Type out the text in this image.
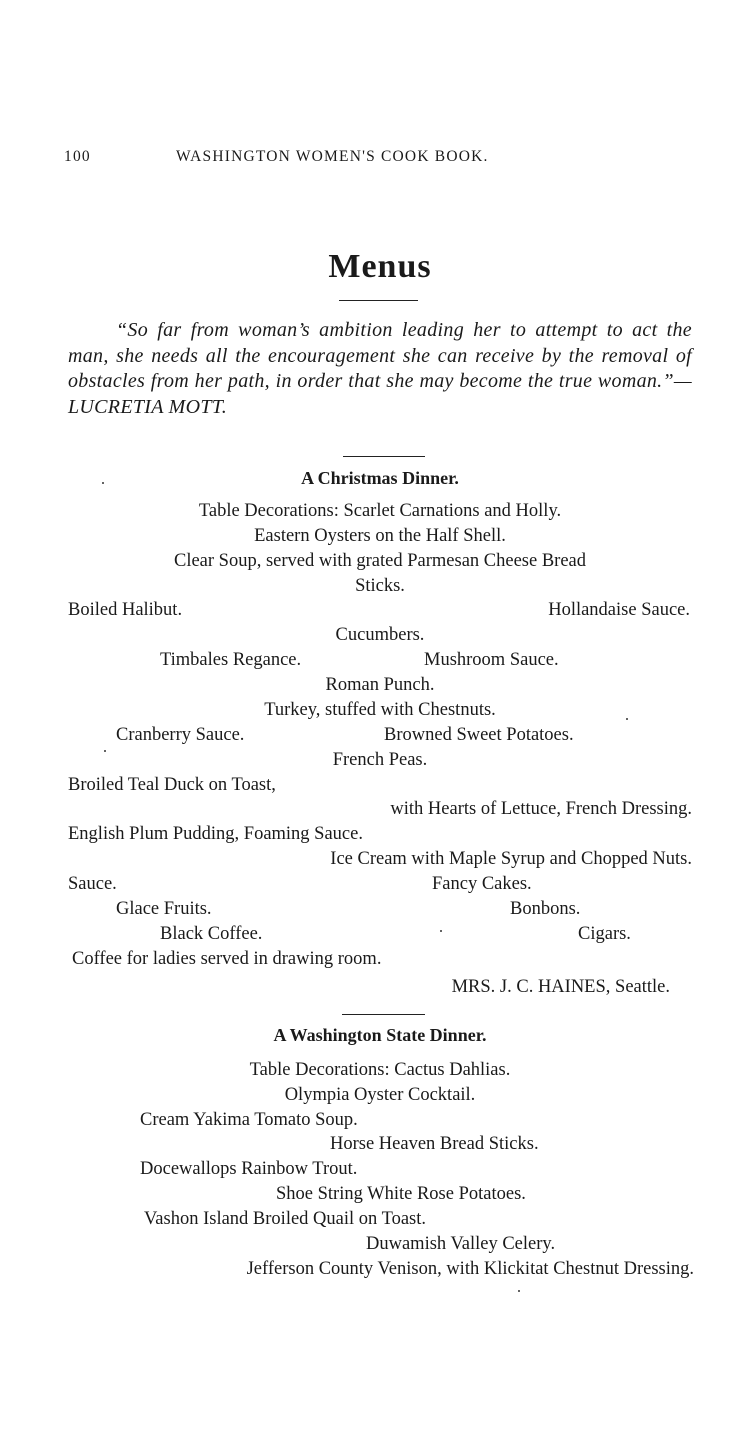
100	WASHINGTON WOMEN'S COOK BOOK.
Menus
“So far from woman’s ambition leading her to attempt to act the man, she needs all the encouragement she can receive by the removal of obstacles from her path, in order that she may become the true woman.”— LUCRETIA MOTT.
A Christmas Dinner.
Table Decorations: Scarlet Carnations and Holly.
Eastern Oysters on the Half Shell.
Clear Soup, served with grated Parmesan Cheese Bread
Sticks.
Boiled Halibut.	Hollandaise Sauce.
Cucumbers.
Timbales Regance.	Mushroom Sauce.
Roman Punch.
Turkey, stuffed with Chestnuts.
Cranberry Sauce.	Browned Sweet Potatoes.
French Peas.
Broiled Teal Duck on Toast,
with Hearts of Lettuce, French Dressing.
English Plum Pudding, Foaming Sauce.
Ice Cream with Maple Syrup and Chopped Nuts.
Sauce.	Fancy Cakes.
Glace Fruits.	Bonbons.
Black Coffee.	Cigars.
Coffee for ladies served in drawing room.
MRS. J. C. HAINES, Seattle.
A Washington State Dinner.
Table Decorations: Cactus Dahlias.
Olympia Oyster Cocktail.
Cream Yakima Tomato Soup.
Horse Heaven Bread Sticks.
Docewallops Rainbow Trout.
Shoe String White Rose Potatoes.
Vashon Island Broiled Quail on Toast.
Duwamish Valley Celery.
Jefferson County Venison, with Klickitat Chestnut Dressing.
